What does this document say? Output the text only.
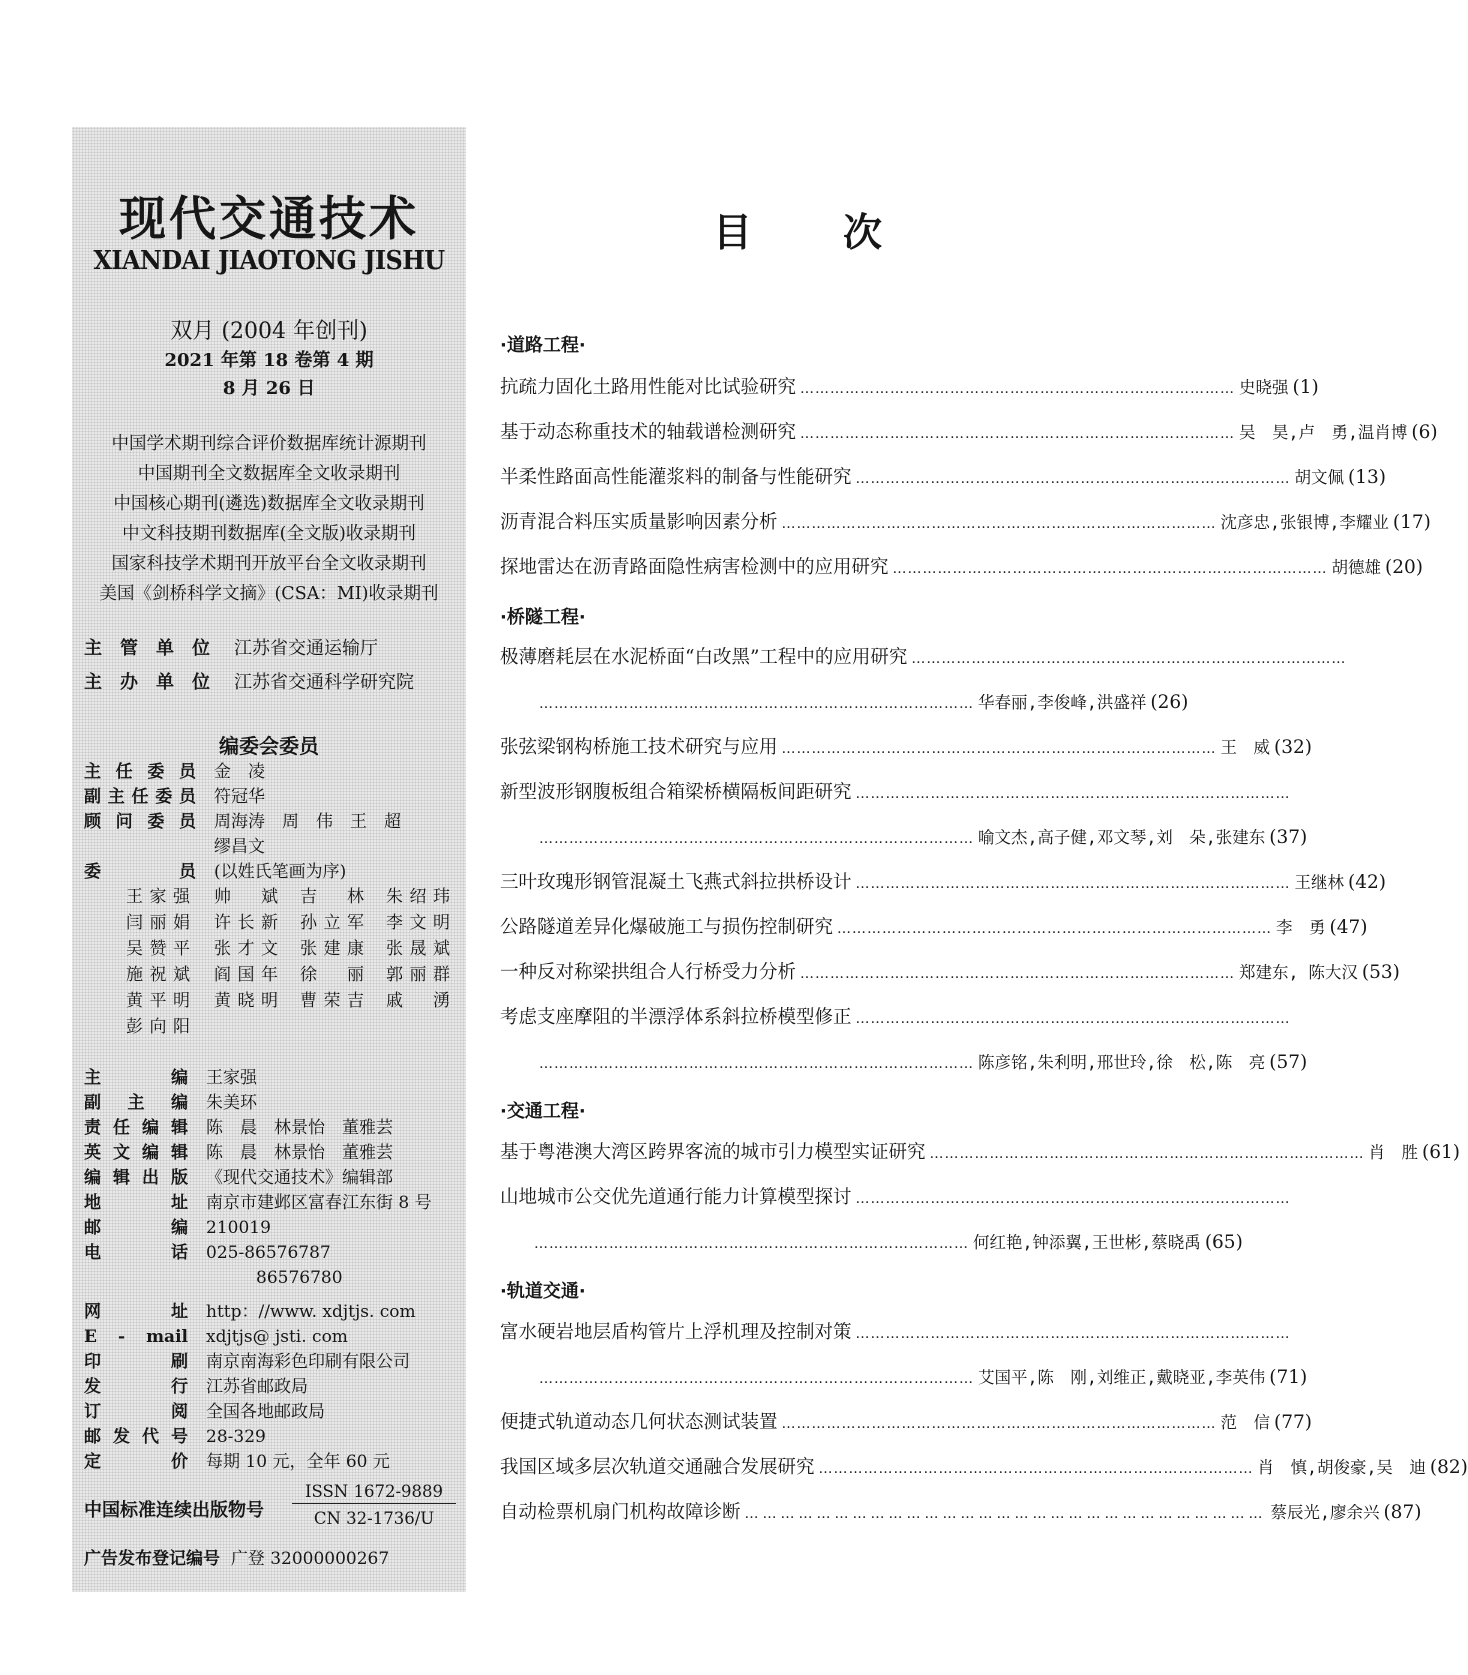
现代交通技术
XIANDAI JIAOTONG JISHU
双月 (2004 年创刊)
2021 年第 18 卷第 4 期
8 月 26 日
中国学术期刊综合评价数据库统计源期刊
中国期刊全文数据库全文收录期刊
中国核心期刊(遴选)数据库全文收录期刊
中文科技期刊数据库(全文版)收录期刊
国家科技学术期刊开放平台全文收录期刊
美国《剑桥科学文摘》(CSA：MI)收录期刊
主管单位 江苏省交通运输厅
主办单位 江苏省交通科学研究院
编委会委员
主任委员 金　凌
副主任委员 符冠华
顾问委员 周海涛　周　伟　王　超
缪昌文
委　　员 (以姓氏笔画为序)
王家强 帅　斌 吉　林 朱绍玮
闫丽娟 许长新 孙立军 李文明
吴赞平 张才文 张建康 张晟斌
施祝斌 阎国年 徐　丽 郭丽群
黄平明 黄晓明 曹荣吉 戚　湧
彭向阳
主编 王家强
副主编 朱美环
责任编辑 陈　晨　林景怡　董雅芸
英文编辑 陈　晨　林景怡　董雅芸
编辑出版 《现代交通技术》编辑部
地址 南京市建邺区富春江东街 8 号
邮编 210019
电话 025-86576787
86576780
网址 http：//www. xdjtjs. com
E - mail xdjtjs@ jsti. com
印刷 南京南海彩色印刷有限公司
发行 江苏省邮政局
订阅 全国各地邮政局
邮发代号 28-329
定价 每期 10 元，全年 60 元
中国标准连续出版物号
ISSN 1672-9889
CN 32-1736/U
广告发布登记编号 广登 32000000267
目 次
·道路工程·
抗疏力固化土路用性能对比试验研究 …………………………………………………………………………… 史晓强 (1)
基于动态称重技术的轴载谱检测研究 …………………………………………………………………………… 吴　昊,卢　勇,温肖博 (6)
半柔性路面高性能灌浆料的制备与性能研究 …………………………………………………………………………… 胡文佩 (13)
沥青混合料压实质量影响因素分析 …………………………………………………………………………… 沈彦忠,张银博,李耀业 (17)
探地雷达在沥青路面隐性病害检测中的应用研究 …………………………………………………………………………… 胡德雄 (20)
·桥隧工程·
极薄磨耗层在水泥桥面“白改黑”工程中的应用研究 ……………………………………………………………………………
…………………………………………………………………………… 华春丽,李俊峰,洪盛祥 (26)
张弦梁钢构桥施工技术研究与应用 …………………………………………………………………………… 王　威 (32)
新型波形钢腹板组合箱梁桥横隔板间距研究 ……………………………………………………………………………
…………………………………………………………………………… 喻文杰,高子健,邓文琴,刘　朵,张建东 (37)
三叶玫瑰形钢管混凝土飞燕式斜拉拱桥设计 …………………………………………………………………………… 王继林 (42)
公路隧道差异化爆破施工与损伤控制研究 …………………………………………………………………………… 李　勇 (47)
一种反对称梁拱组合人行桥受力分析 …………………………………………………………………………… 郑建东, 陈大汉 (53)
考虑支座摩阻的半漂浮体系斜拉桥模型修正 ……………………………………………………………………………
…………………………………………………………………………… 陈彦铭,朱利明,邢世玲,徐　松,陈　亮 (57)
·交通工程·
基于粤港澳大湾区跨界客流的城市引力模型实证研究 …………………………………………………………………………… 肖　胜 (61)
山地城市公交优先道通行能力计算模型探讨 ……………………………………………………………………………
…………………………………………………………………………… 何红艳,钟添翼,王世彬,蔡晓禹 (65)
·轨道交通·
富水硬岩地层盾构管片上浮机理及控制对策 ……………………………………………………………………………
…………………………………………………………………………… 艾国平,陈　刚,刘维正,戴晓亚,李英伟 (71)
便捷式轨道动态几何状态测试装置 …………………………………………………………………………… 范　信 (77)
我国区域多层次轨道交通融合发展研究 …………………………………………………………………………… 肖　慎,胡俊豪,吴　迪 (82)
自动检票机扇门机构故障诊断 …………………………………………………………………………… 蔡辰光,廖余兴 (87)
